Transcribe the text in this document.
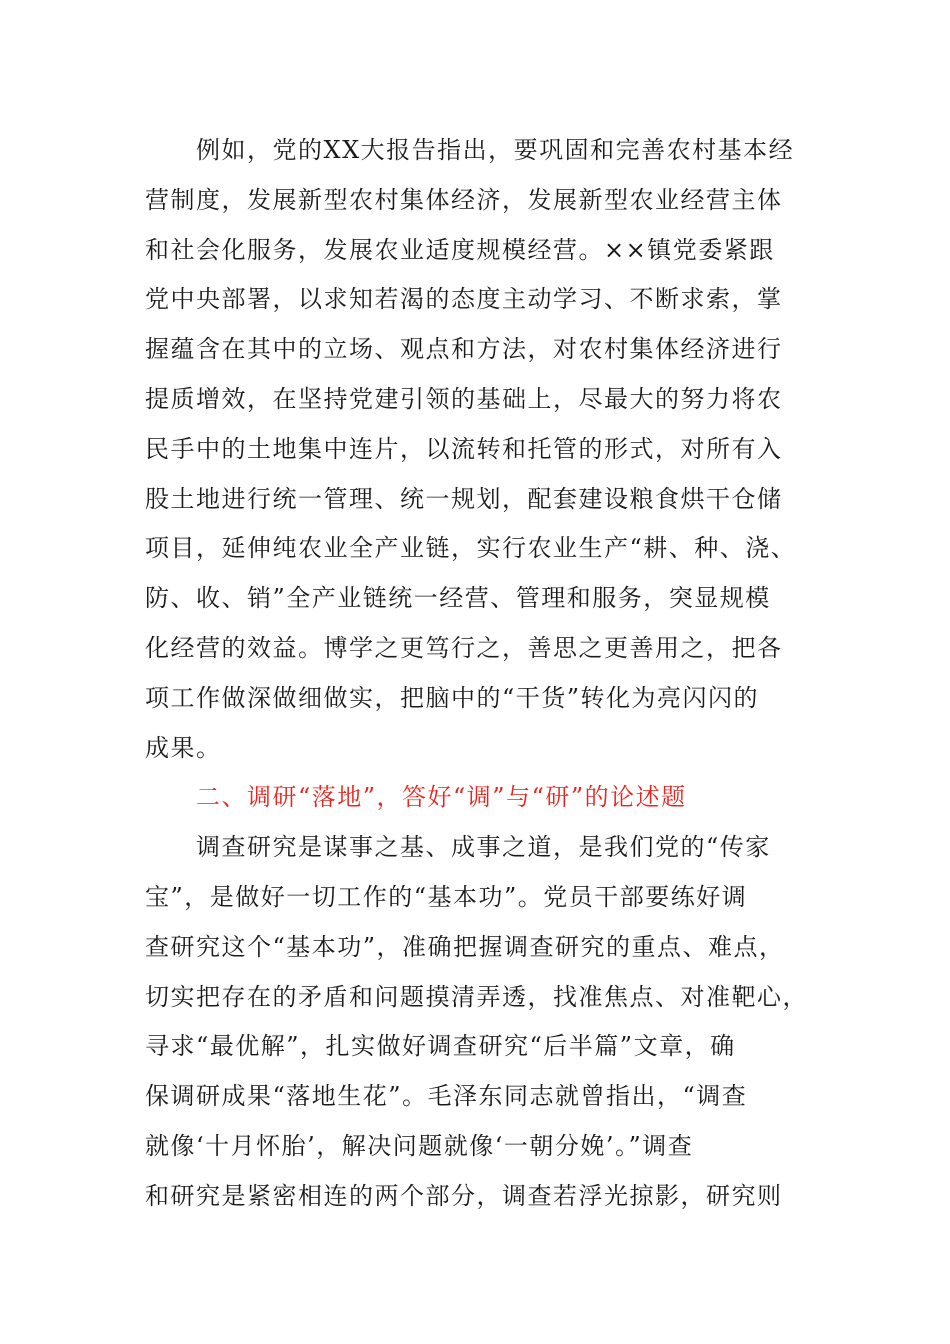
　　例如，党的XX大报告指出，要巩固和完善农村基本经
营制度，发展新型农村集体经济，发展新型农业经营主体
和社会化服务，发展农业适度规模经营。××镇党委紧跟
党中央部署，以求知若渴的态度主动学习、不断求索，掌
握蕴含在其中的立场、观点和方法，对农村集体经济进行
提质增效，在坚持党建引领的基础上，尽最大的努力将农
民手中的土地集中连片，以流转和托管的形式，对所有入
股土地进行统一管理、统一规划，配套建设粮食烘干仓储
项目，延伸纯农业全产业链，实行农业生产“耕、种、浇、
防、收、销”全产业链统一经营、管理和服务，突显规模
化经营的效益。博学之更笃行之，善思之更善用之，把各
项工作做深做细做实，把脑中的“干货”转化为亮闪闪的
成果。
　　二、调研“落地”，答好“调”与“研”的论述题
　　调查研究是谋事之基、成事之道，是我们党的“传家
宝”，是做好一切工作的“基本功”。党员干部要练好调
查研究这个“基本功”，准确把握调查研究的重点、难点，
切实把存在的矛盾和问题摸清弄透，找准焦点、对准靶心，
寻求“最优解”，扎实做好调查研究“后半篇”文章，确
保调研成果“落地生花”。毛泽东同志就曾指出，“调查
就像‘十月怀胎’，解决问题就像‘一朝分娩’。”调查
和研究是紧密相连的两个部分，调查若浮光掠影，研究则
